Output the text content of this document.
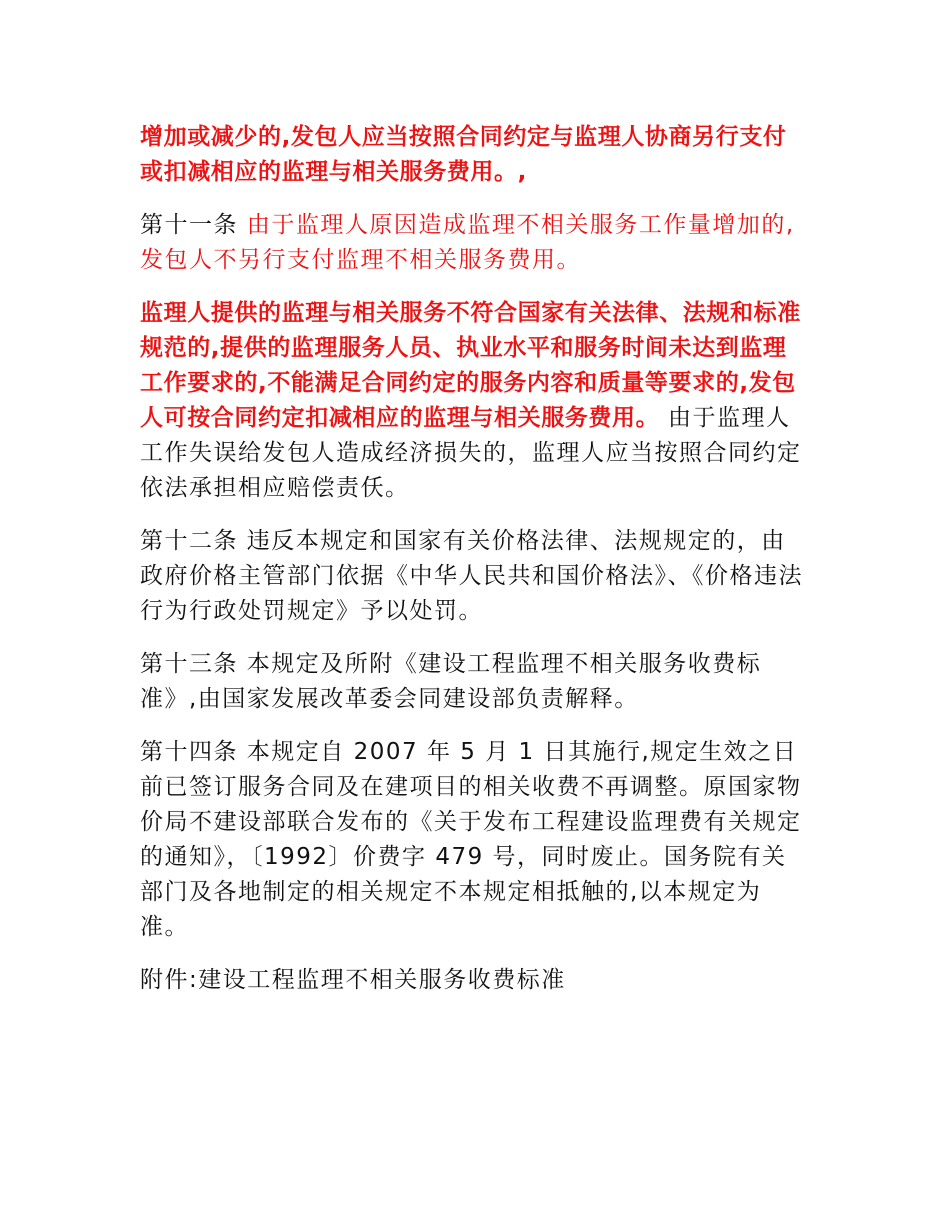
增加或减少的,发包人应当按照合同约定与监理人协商另行支付或扣减相应的监理与相关服务费用。,

第十一条 由于监理人原因造成监理不相关服务工作量增加的,发包人不另行支付监理不相关服务费用。

监理人提供的监理与相关服务不符合国家有关法律、法规和标准规范的,提供的监理服务人员、执业水平和服务时间未达到监理工作要求的,不能满足合同约定的服务内容和质量等要求的,发包人可按合同约定扣减相应的监理与相关服务费用。 由于监理人工作失误给发包人造成经济损失的，监理人应当按照合同约定依法承担相应赔偿责仸。

第十二条 违反本规定和国家有关价格法律、法规规定的，由政府价格主管部门依据《中华人民共和国价格法》、《价格违法行为行政处罚规定》予以处罚。

第十三条 本规定及所附《建设工程监理不相关服务收费标准》,由国家发展改革委会同建设部负责解释。

第十四条 本规定自 2007 年 5 月 1 日其施行,规定生效之日前已签订服务合同及在建项目的相关收费不再调整。原国家物价局不建设部联合发布的《关于发布工程建设监理费有关规定的通知》，〔1992〕价费字 479 号，同时废止。国务院有关部门及各地制定的相关规定不本规定相抵触的,以本规定为准。

附件:建设工程监理不相关服务收费标准
